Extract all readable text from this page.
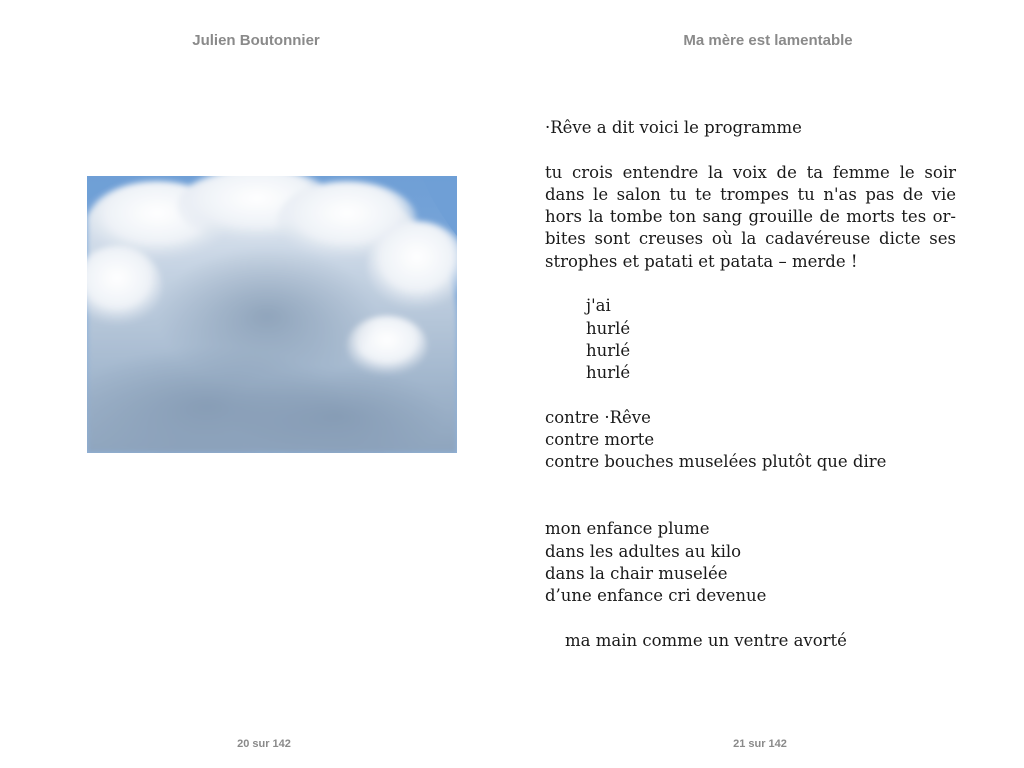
Julien Boutonnier
20 sur 142
Ma mère est lamentable

·Rêve a dit voici le programme

tu crois entendre la voix de ta femme le soir dans le salon tu te trompes tu n'as pas de vie hors la tombe ton sang grouille de morts tes or- bites sont creuses où la cadavéreuse dicte ses strophes et patati et patata – merde !

j'ai
hurlé
hurlé
hurlé
contre ·Rêve
contre morte
contre bouches muselées plutôt que dire
mon enfance plume
dans les adultes au kilo
dans la chair muselée
d’une enfance cri devenue
ma main comme un ventre avorté
21 sur 142
